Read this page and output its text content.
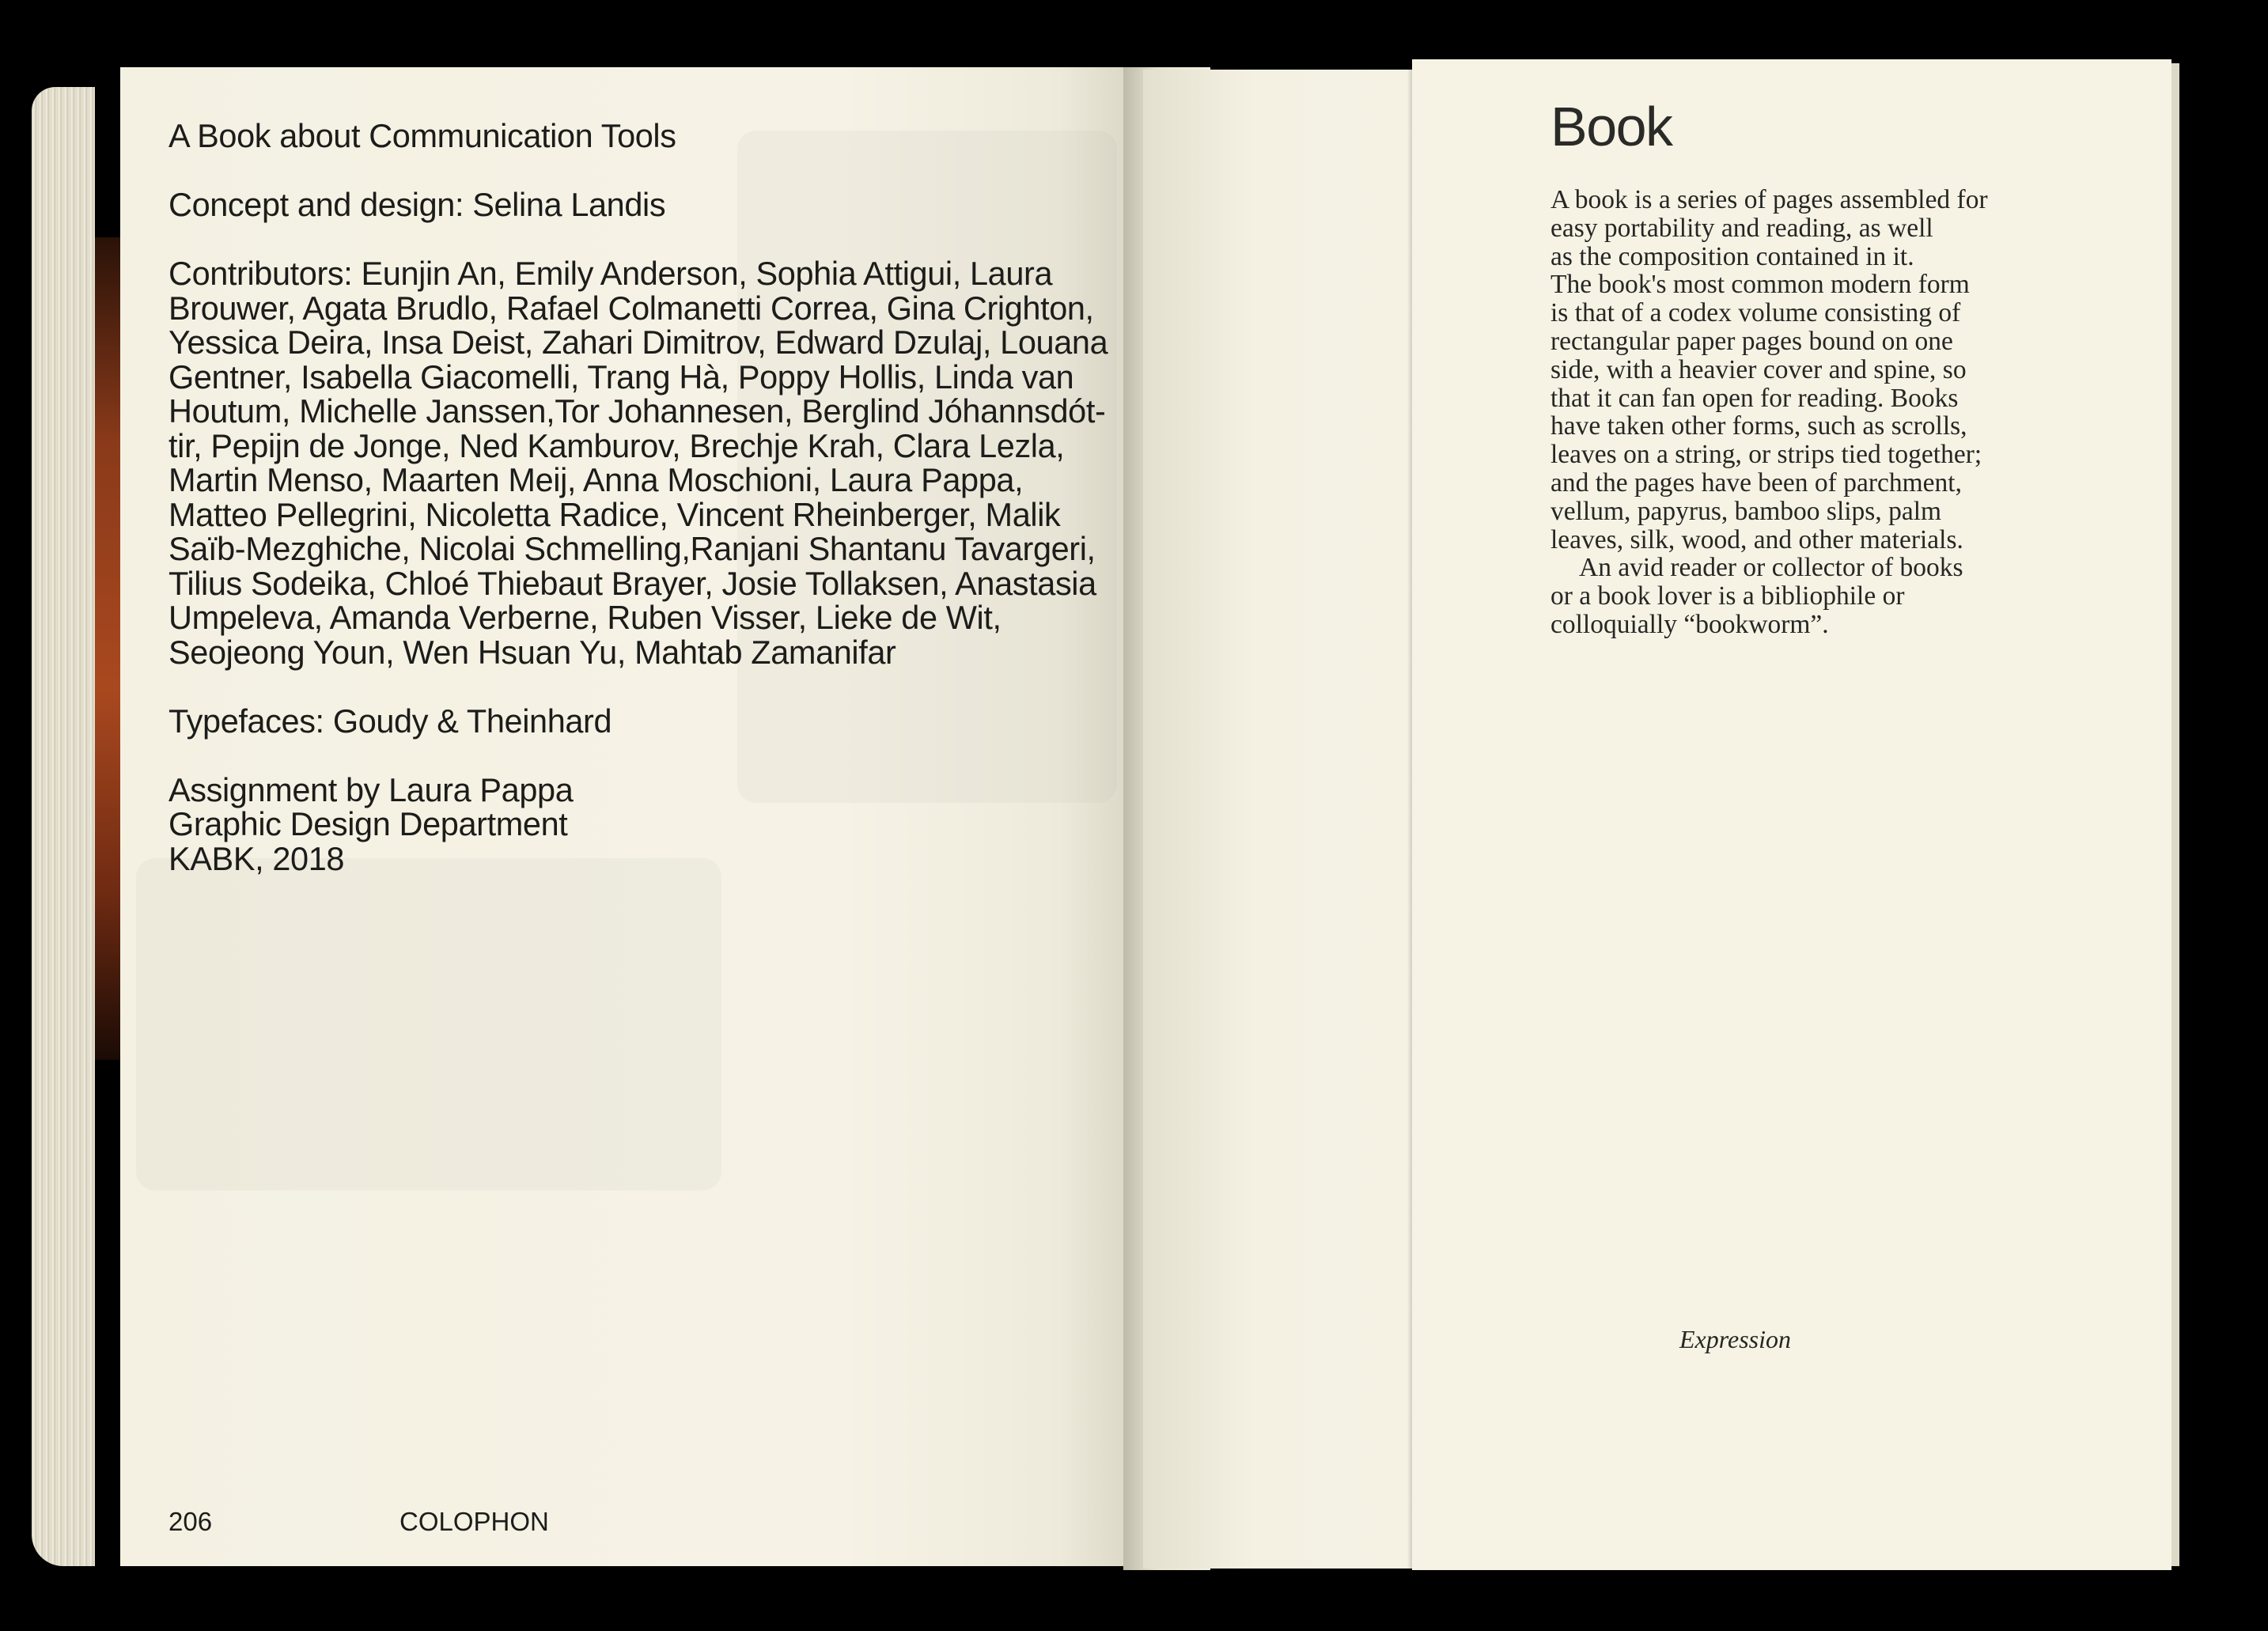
A Book about Communication Tools

Concept and design: Selina Landis

Contributors: Eunjin An, Emily Anderson, Sophia Attigui, Laura
Brouwer, Agata Brudlo, Rafael Colmanetti Correa, Gina Crighton,
Yessica Deira, Insa Deist, Zahari Dimitrov, Edward Dzulaj, Louana
Gentner, Isabella Giacomelli, Trang Hà, Poppy Hollis, Linda van
Houtum, Michelle Janssen,Tor Johannesen, Berglind Jóhannsdót-
tir, Pepijn de Jonge, Ned Kamburov, Brechje Krah, Clara Lezla,
Martin Menso, Maarten Meij, Anna Moschioni, Laura Pappa,
Matteo Pellegrini, Nicoletta Radice, Vincent Rheinberger, Malik
Saïb-Mezghiche, Nicolai Schmelling,Ranjani Shantanu Tavargeri,
Tilius Sodeika, Chloé Thiebaut Brayer, Josie Tollaksen, Anastasia
Umpeleva, Amanda Verberne, Ruben Visser, Lieke de Wit,
Seojeong Youn, Wen Hsuan Yu, Mahtab Zamanifar

Typefaces: Goudy & Theinhard

Assignment by Laura Pappa
Graphic Design Department
KABK, 2018

206	COLOPHON
Book
A book is a series of pages assembled for
easy portability and reading, as well
as the composition contained in it.
The book's most common modern form
is that of a codex volume consisting of
rectangular paper pages bound on one
side, with a heavier cover and spine, so
that it can fan open for reading. Books
have taken other forms, such as scrolls,
leaves on a string, or strips tied together;
and the pages have been of parchment,
vellum, papyrus, bamboo slips, palm
leaves, silk, wood, and other materials.
An avid reader or collector of books
or a book lover is a bibliophile or
colloquially “bookworm”.
Expression
